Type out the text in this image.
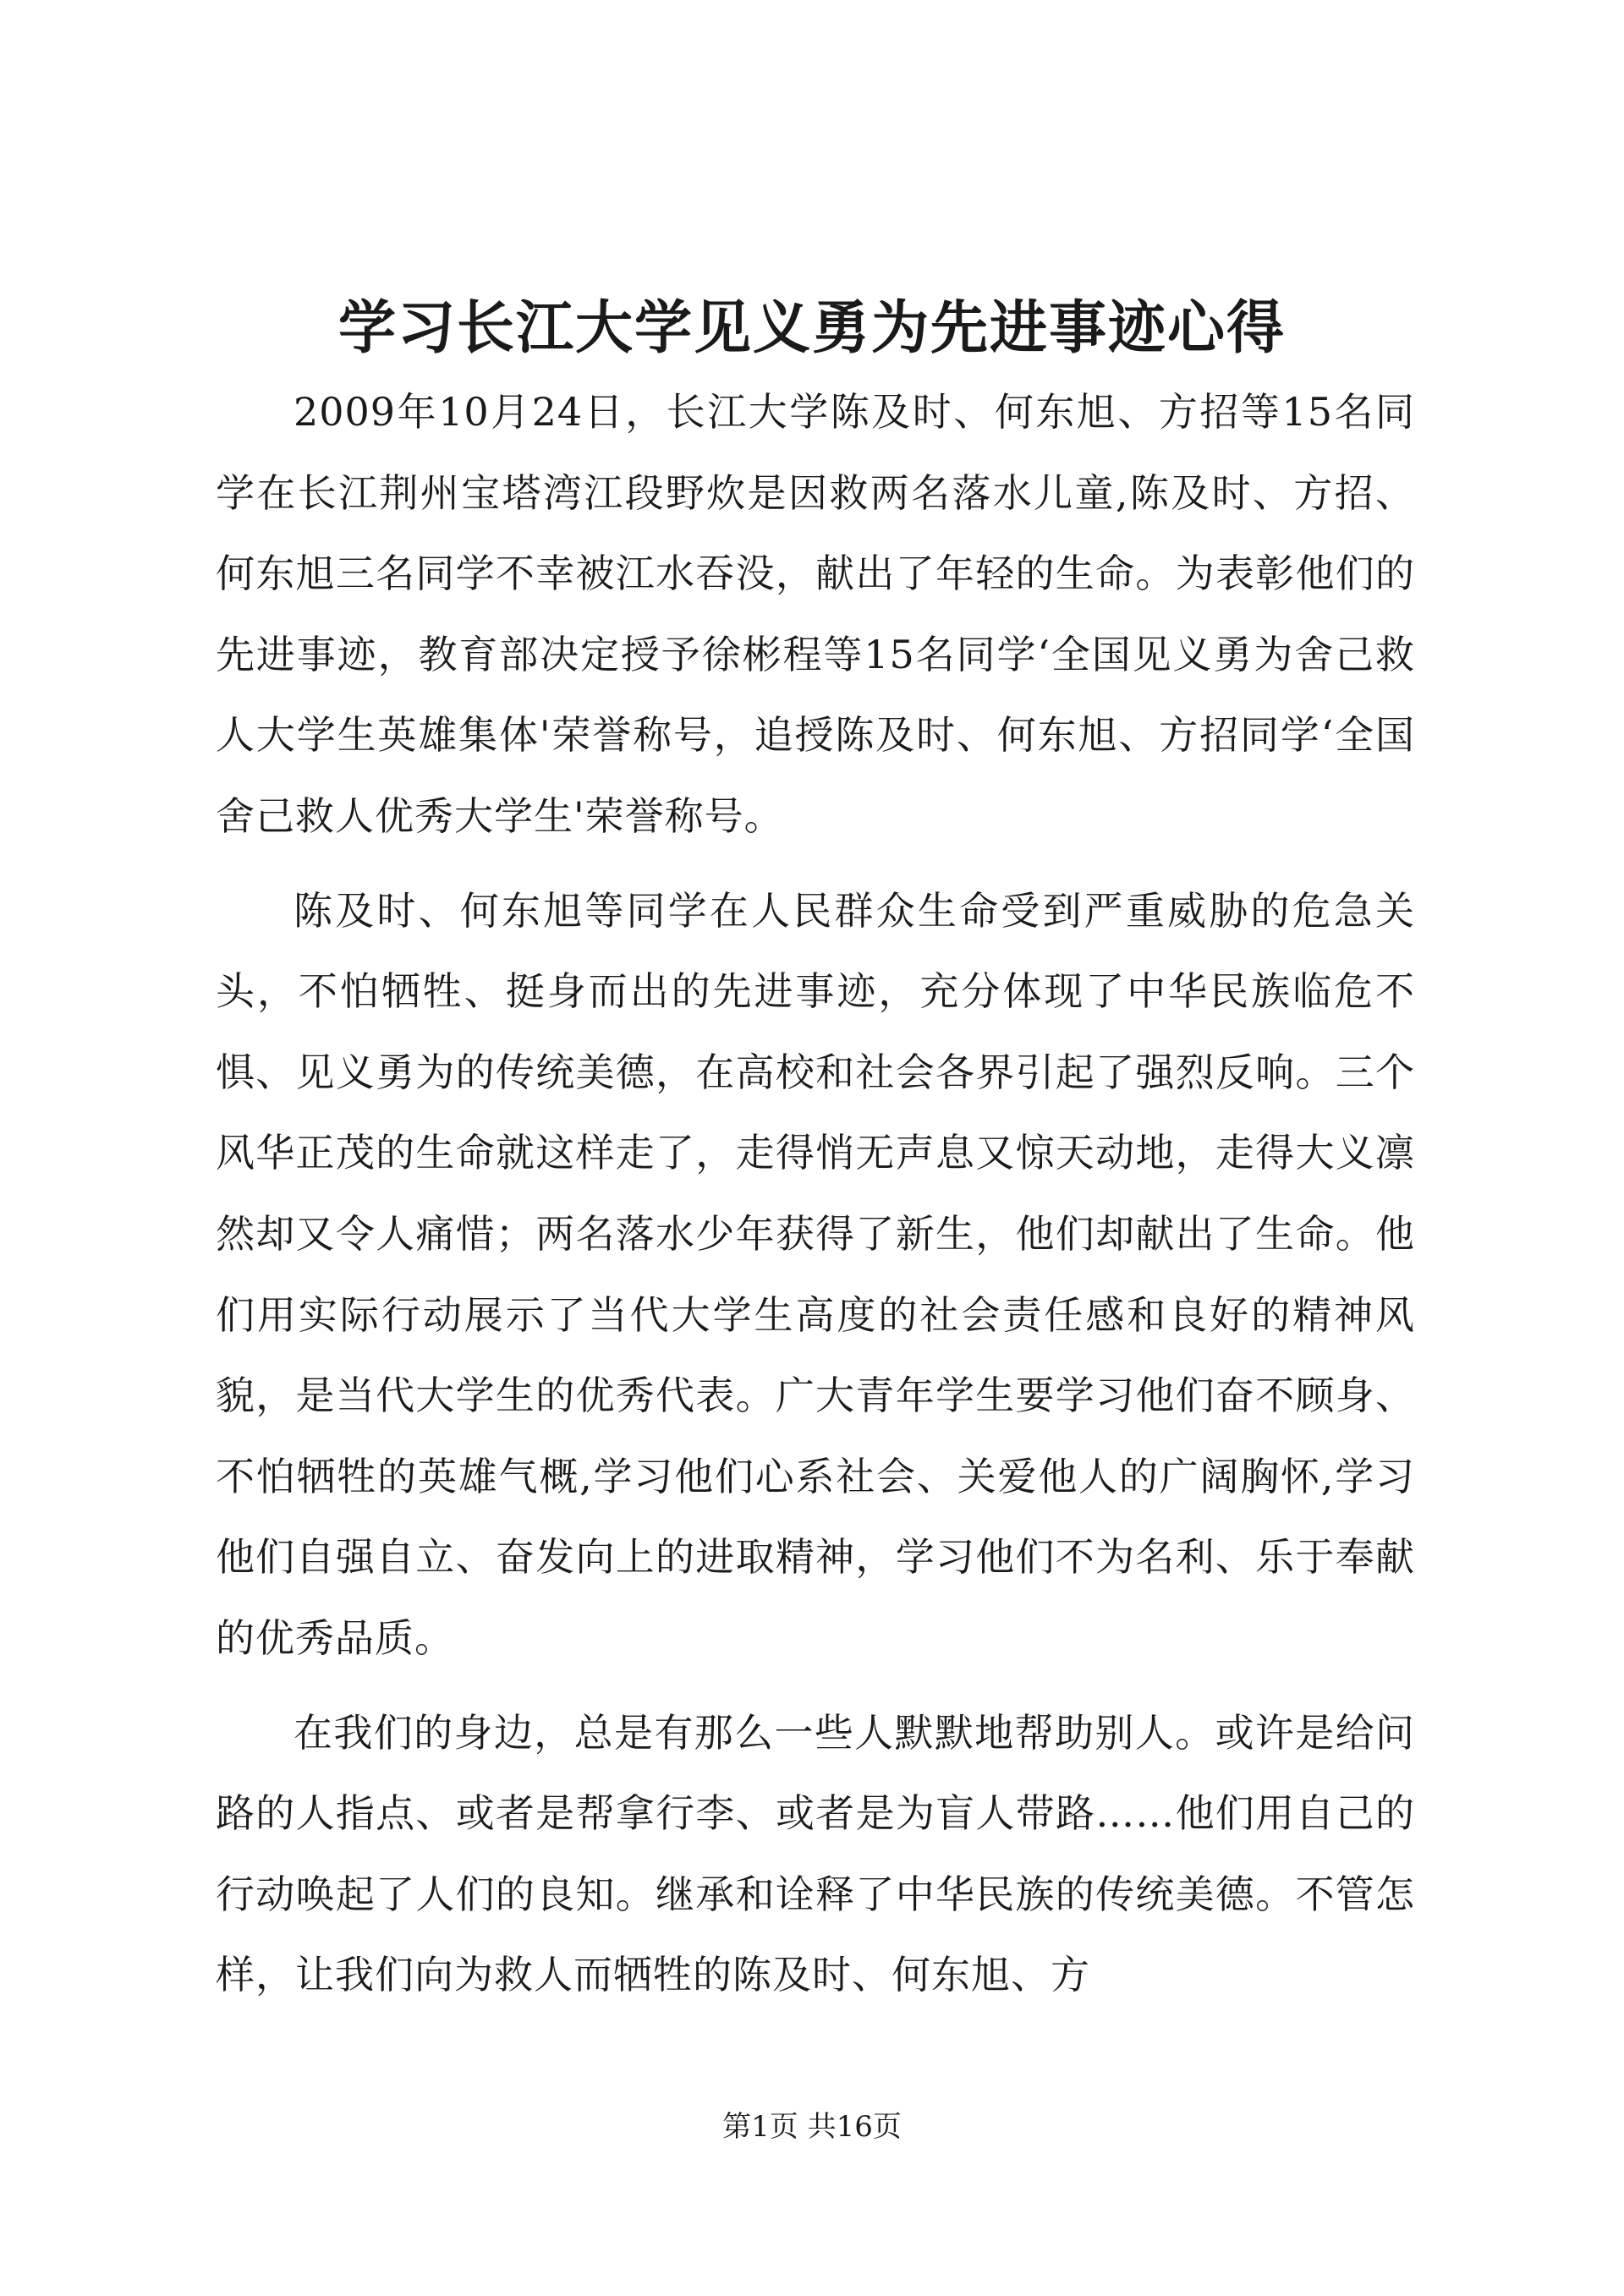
学习长江大学见义勇为先进事迹心得

2009年10月24日，长江大学陈及时、何东旭、方招等15名同学在长江荆州宝塔湾江段野炊是因救两名落水儿童,陈及时、方招、何东旭三名同学不幸被江水吞没，献出了年轻的生命。为表彰他们的先进事迹，教育部决定授予徐彬程等15名同学‘全国见义勇为舍己救人大学生英雄集体'荣誉称号，追授陈及时、何东旭、方招同学‘全国舍己救人优秀大学生'荣誉称号。

陈及时、何东旭等同学在人民群众生命受到严重威胁的危急关头，不怕牺牲、挺身而出的先进事迹，充分体现了中华民族临危不惧、见义勇为的传统美德，在高校和社会各界引起了强烈反响。三个风华正茂的生命就这样走了，走得悄无声息又惊天动地，走得大义凛然却又令人痛惜；两名落水少年获得了新生，他们却献出了生命。他们用实际行动展示了当代大学生高度的社会责任感和良好的精神风貌，是当代大学生的优秀代表。广大青年学生要学习他们奋不顾身、不怕牺牲的英雄气概,学习他们心系社会、关爱他人的广阔胸怀,学习他们自强自立、奋发向上的进取精神，学习他们不为名利、乐于奉献的优秀品质。

在我们的身边，总是有那么一些人默默地帮助别人。或许是给问路的人指点、或者是帮拿行李、或者是为盲人带路……他们用自己的行动唤起了人们的良知。继承和诠释了中华民族的传统美德。不管怎样，让我们向为救人而牺牲的陈及时、何东旭、方

第1页 共16页
